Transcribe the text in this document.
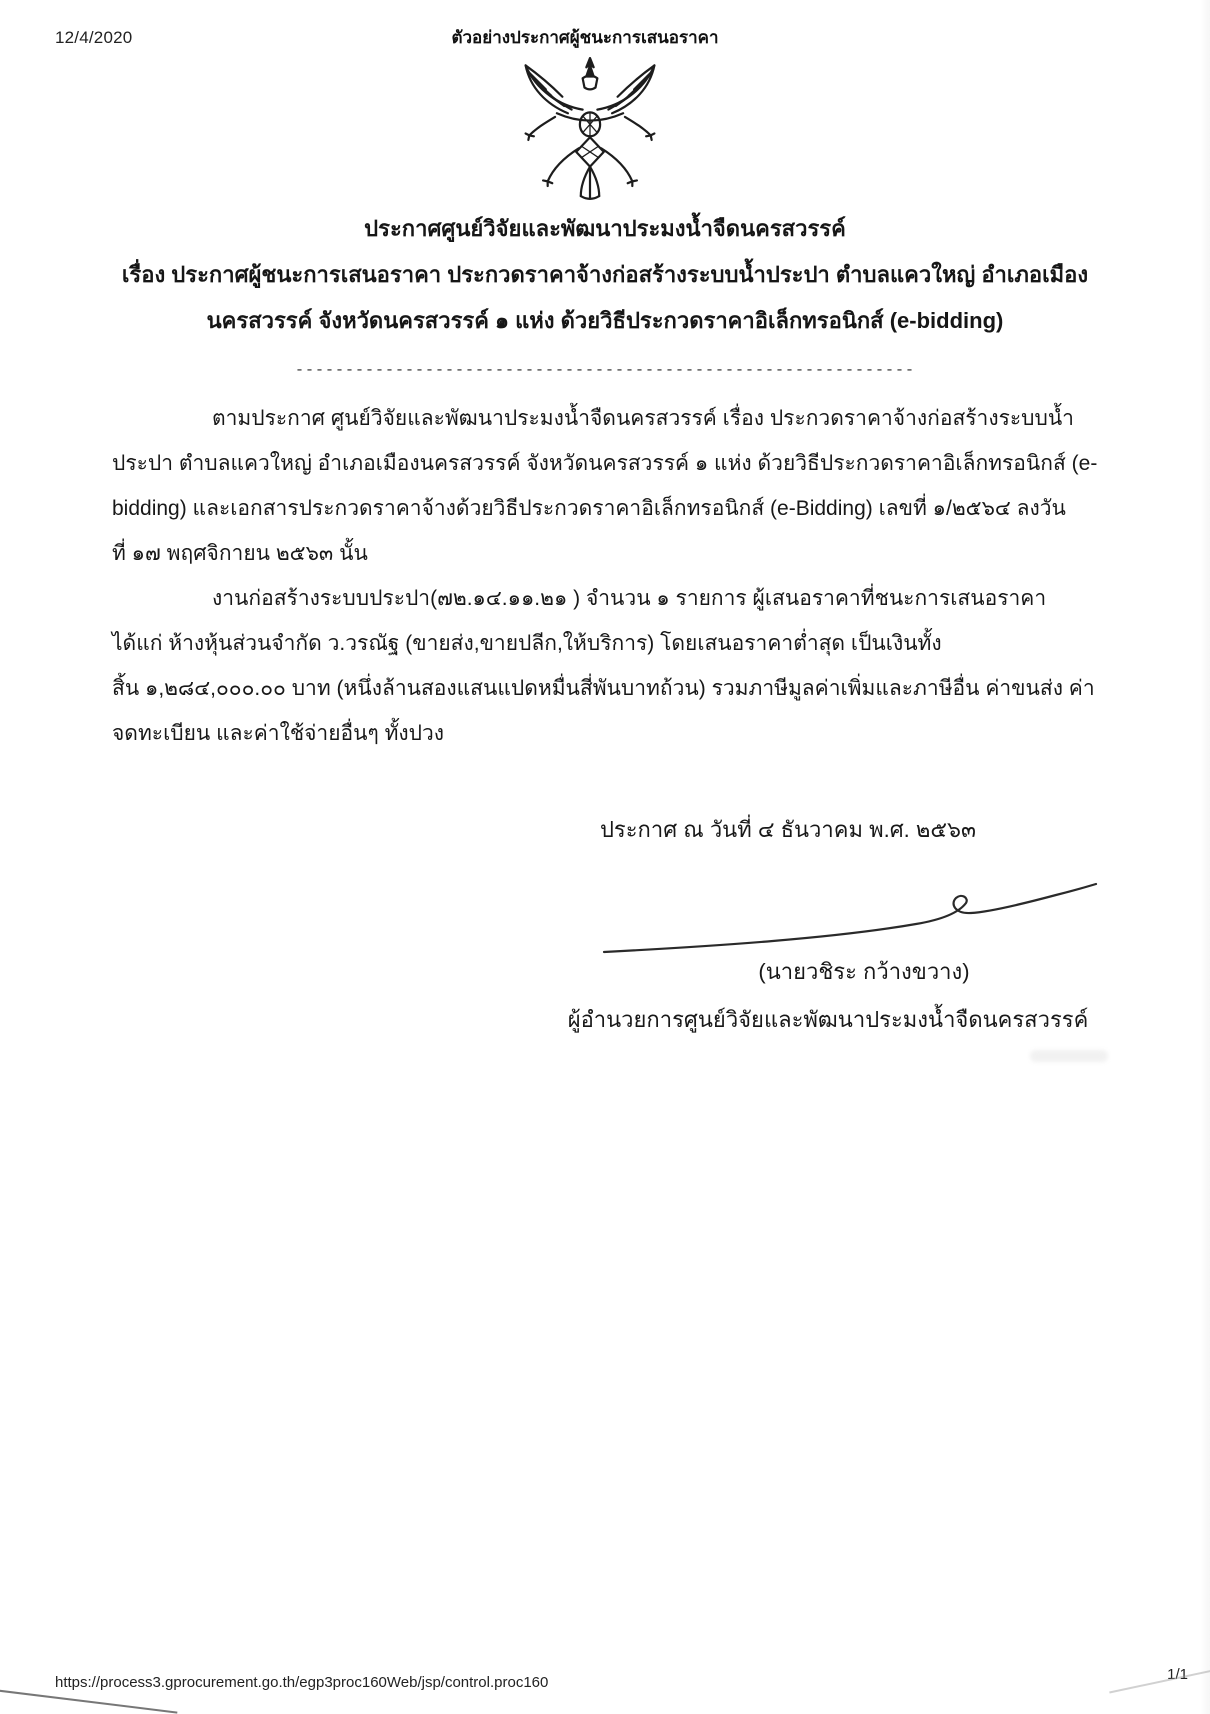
12/4/2020	ตัวอย่างประกาศผู้ชนะการเสนอราคา
ประกาศศูนย์วิจัยและพัฒนาประมงน้ำจืดนครสวรรค์
เรื่อง ประกาศผู้ชนะการเสนอราคา ประกวดราคาจ้างก่อสร้างระบบน้ำประปา ตำบลแควใหญ่ อำเภอเมือง
นครสวรรค์ จังหวัดนครสวรรค์ ๑ แห่ง ด้วยวิธีประกวดราคาอิเล็กทรอนิกส์ (e-bidding)
--------------------------------------------------------------
ตามประกาศ ศูนย์วิจัยและพัฒนาประมงน้ำจืดนครสวรรค์ เรื่อง ประกวดราคาจ้างก่อสร้างระบบน้ำ
ประปา ตำบลแควใหญ่ อำเภอเมืองนครสวรรค์ จังหวัดนครสวรรค์ ๑ แห่ง ด้วยวิธีประกวดราคาอิเล็กทรอนิกส์ (e-
bidding) และเอกสารประกวดราคาจ้างด้วยวิธีประกวดราคาอิเล็กทรอนิกส์ (e-Bidding) เลขที่ ๑/๒๕๖๔ ลงวัน
ที่ ๑๗ พฤศจิกายน ๒๕๖๓ นั้น
งานก่อสร้างระบบประปา(๗๒.๑๔.๑๑.๒๑ ) จำนวน ๑ รายการ ผู้เสนอราคาที่ชนะการเสนอราคา
ได้แก่ ห้างหุ้นส่วนจำกัด ว.วรณัฐ (ขายส่ง,ขายปลีก,ให้บริการ) โดยเสนอราคาต่ำสุด เป็นเงินทั้ง
สิ้น ๑,๒๘๔,๐๐๐.๐๐ บาท (หนึ่งล้านสองแสนแปดหมื่นสี่พันบาทถ้วน) รวมภาษีมูลค่าเพิ่มและภาษีอื่น ค่าขนส่ง ค่า
จดทะเบียน และค่าใช้จ่ายอื่นๆ ทั้งปวง
ประกาศ ณ วันที่ ๔ ธันวาคม พ.ศ. ๒๕๖๓
(นายวชิระ กว้างขวาง)
ผู้อำนวยการศูนย์วิจัยและพัฒนาประมงน้ำจืดนครสวรรค์
https://process3.gprocurement.go.th/egp3proc160Web/jsp/control.proc160	1/1
